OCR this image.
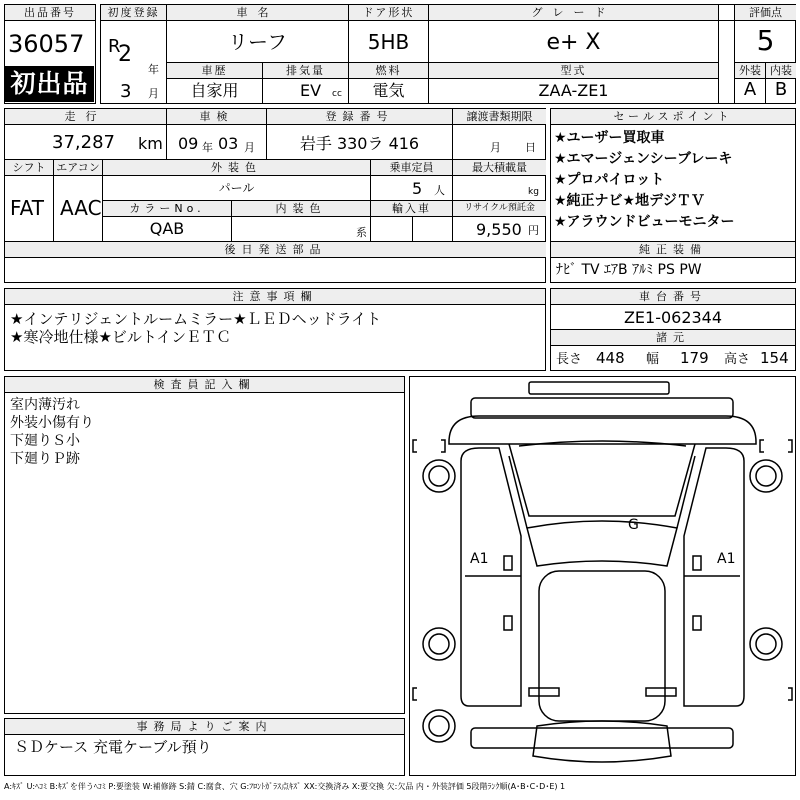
出品番号
36057
初出品
初度登録
R
2
年
3 月
車名
リーフ
ドア形状
5HB
グレード
e+ X
評価点
5
車歴
自家用
排気量
EV cc
燃料
電気
型式
ZAA-ZE1
外装
A
内装
B
走行
37,287 km
車検
09 年 03 月
登録番号
岩手 330ラ 416
譲渡書類期限
月 日
シフト
FAT
エアコン
AAC
外装色
パール
乗車定員
5 人
最大積載量
kg
カラーNo.
QAB
内装色
系
輸入車	リサイクル預託金
9,550 円
後日発送部品
セールスポイント
★ユーザー買取車
★エマージェンシーブレーキ
★プロパイロット
★純正ナビ★地デジＴＶ
★アラウンドビューモニター
純正装備
ﾅﾋﾞ TV ｴｱB ｱﾙﾐ PS PW
注意事項欄
★インテリジェントルームミラー★ＬＥＤヘッドライト
★寒冷地仕様★ビルトインＥＴＣ
車台番号
ZE1-062344
諸元
長さ 448 幅 179 高さ 154
検査員記入欄
室内薄汚れ
外装小傷有り
下廻りＳ小
下廻りＰ跡
A1	A1
G
事務局よりご案内
ＳＤケース 充電ケーブル預り
A:ｷｽﾞ U:ﾍｺﾐ B:ｷｽﾞを伴うﾍｺﾐ P:要塗装 W:補修跡 S:錆 C:腐食、穴 G:ﾌﾛﾝﾄｶﾞﾗｽ点ｷｽﾞ XX:交換済み X:要交換 欠:欠品 内・外装評価 5段階ﾗﾝｸ順(A･B･C･D･E) 1
